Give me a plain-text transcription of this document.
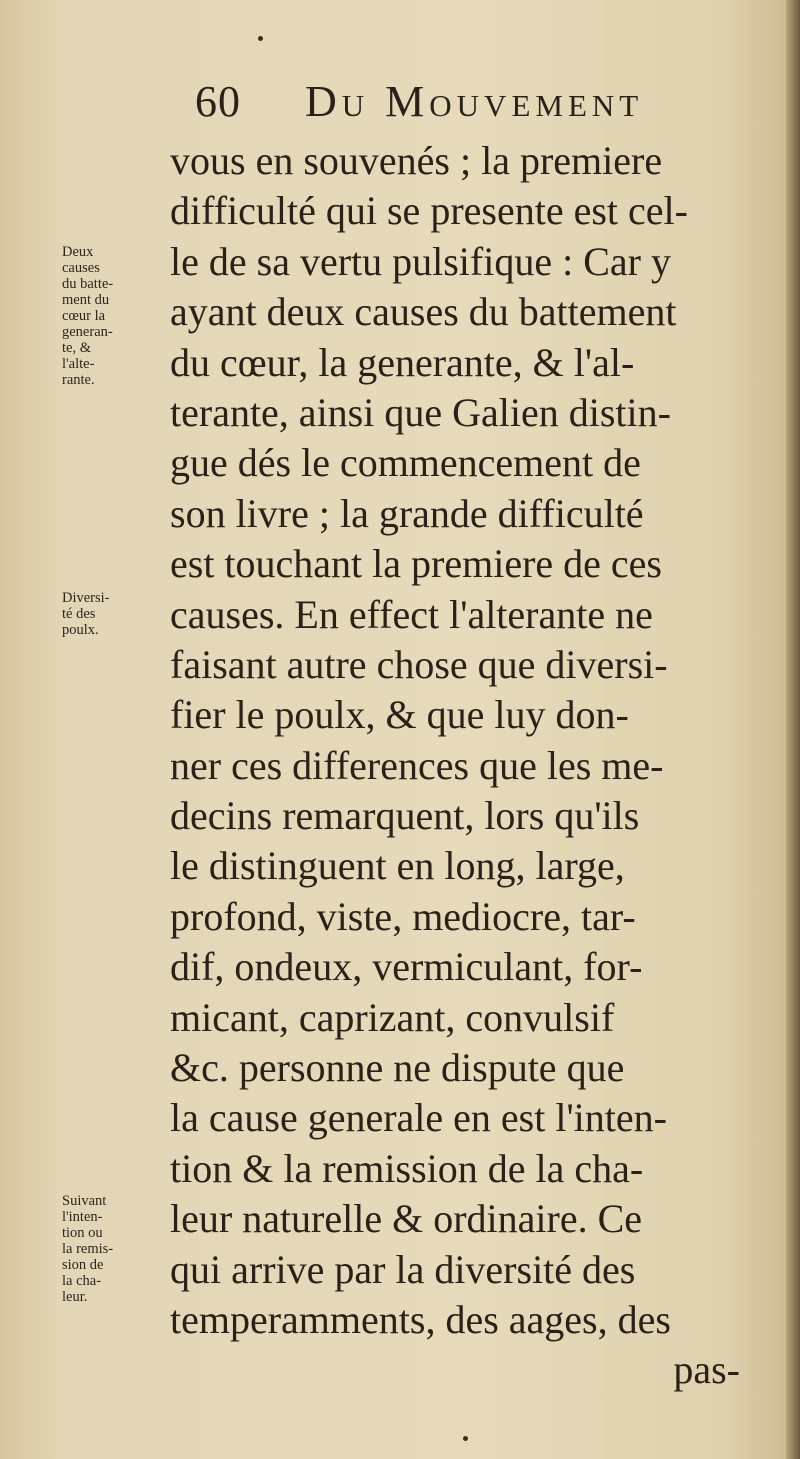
60 Du Mouvement
vous en souvenés ; la premiere
difficulté qui se presente est cel-
le de sa vertu pulsifique : Car y
ayant deux causes du battement
du cœur, la generante, & l'al-
terante, ainsi que Galien distin-
gue dés le commencement de
son livre ; la grande difficulté
est touchant la premiere de ces
causes. En effect l'alterante ne
faisant autre chose que diversi-
fier le poulx, & que luy don-
ner ces differences que les me-
decins remarquent, lors qu'ils
le distinguent en long, large,
profond, viste, mediocre, tar-
dif, ondeux, vermiculant, for-
micant, caprizant, convulsif
&c. personne ne dispute que
la cause generale en est l'inten-
tion & la remission de la cha-
leur naturelle & ordinaire. Ce
qui arrive par la diversité des
temperamments, des aages, des
pas-
Deux
causes
du batte-
ment du
cœur la
generan-
te, &
l'alte-
rante.
Diversi-
té des
poulx.
Suivant
l'inten-
tion ou
la remis-
sion de
la cha-
leur.
